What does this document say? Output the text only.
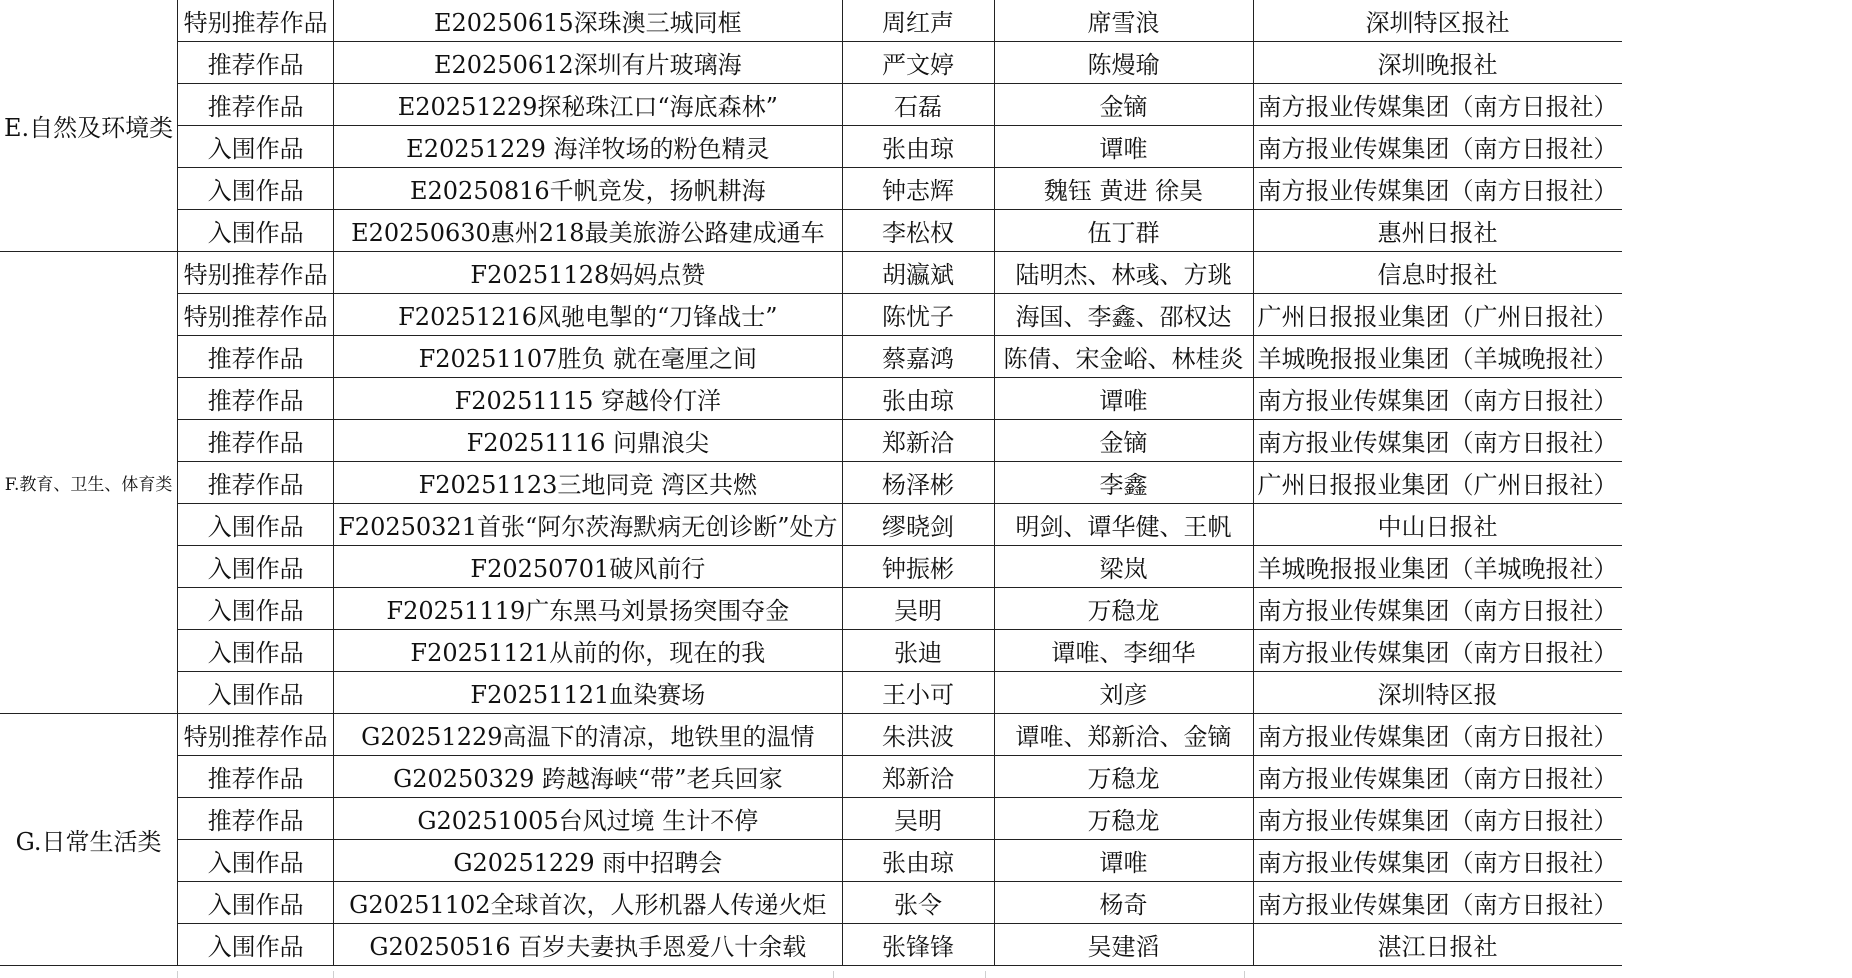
E.自然及环境类	特别推荐作品	E20250615深珠澳三城同框	周红声	席雪浪	深圳特区报社
	推荐作品	E20250612深圳有片玻璃海	严文婷	陈熳瑜	深圳晚报社
	推荐作品	E20251229探秘珠江口“海底森林”	石磊	金镝	南方报业传媒集团（南方日报社）
	入围作品	E20251229 海洋牧场的粉色精灵	张由琼	谭唯	南方报业传媒集团（南方日报社）
	入围作品	E20250816千帆竞发，扬帆耕海	钟志辉	魏钰 黄进 徐昊	南方报业传媒集团（南方日报社）
	入围作品	E20250630惠州218最美旅游公路建成通车	李松权	伍丁群	惠州日报社
F.教育、卫生、体育类	特别推荐作品	F20251128妈妈点赞	胡瀛斌	陆明杰、林彧、方珧	信息时报社
	特别推荐作品	F20251216风驰电掣的“刀锋战士”	陈忧子	海国、李鑫、邵权达	广州日报报业集团（广州日报社）
	推荐作品	F20251107胜负 就在毫厘之间	蔡嘉鸿	陈倩、宋金峪、林桂炎	羊城晚报报业集团（羊城晚报社）
	推荐作品	F20251115 穿越伶仃洋	张由琼	谭唯	南方报业传媒集团（南方日报社）
	推荐作品	F20251116 问鼎浪尖	郑新洽	金镝	南方报业传媒集团（南方日报社）
	推荐作品	F20251123三地同竞 湾区共燃	杨泽彬	李鑫	广州日报报业集团（广州日报社）
	入围作品	F20250321首张“阿尔茨海默病无创诊断”处方	缪晓剑	明剑、谭华健、王帆	中山日报社
	入围作品	F20250701破风前行	钟振彬	梁岚	羊城晚报报业集团（羊城晚报社）
	入围作品	F20251119广东黑马刘景扬突围夺金	吴明	万稳龙	南方报业传媒集团（南方日报社）
	入围作品	F20251121从前的你，现在的我	张迪	谭唯、李细华	南方报业传媒集团（南方日报社）
	入围作品	F20251121血染赛场	王小可	刘彦	深圳特区报
G.日常生活类	特别推荐作品	G20251229高温下的清凉，地铁里的温情	朱洪波	谭唯、郑新洽、金镝	南方报业传媒集团（南方日报社）
	推荐作品	G20250329 跨越海峡“带”老兵回家	郑新洽	万稳龙	南方报业传媒集团（南方日报社）
	推荐作品	G20251005台风过境 生计不停	吴明	万稳龙	南方报业传媒集团（南方日报社）
	入围作品	G20251229 雨中招聘会	张由琼	谭唯	南方报业传媒集团（南方日报社）
	入围作品	G20251102全球首次，人形机器人传递火炬	张令	杨奇	南方报业传媒集团（南方日报社）
	入围作品	G20250516 百岁夫妻执手恩爱八十余载	张锋锋	吴建滔	湛江日报社
